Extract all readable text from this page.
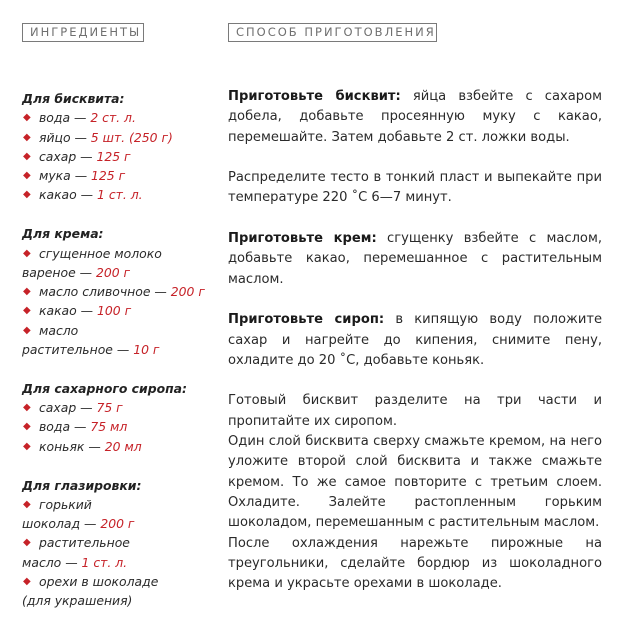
ИНГРЕДИЕНТЫ	СПОСОБ ПРИГОТОВЛЕНИЯ
Для бисквита:
◆ вода — 2 ст. л.
◆ яйцо — 5 шт. (250 г)
◆ сахар — 125 г
◆ мука — 125 г
◆ какао — 1 ст. л.
Для крема:
◆ сгущенное молоко
вареное — 200 г
◆ масло сливочное — 200 г
◆ какао — 100 г
◆ масло
растительное — 10 г
Для сахарного сиропа:
◆ сахар — 75 г
◆ вода — 75 мл
◆ коньяк — 20 мл
Для глазировки:
◆ горький
шоколад — 200 г
◆ растительное
масло — 1 ст. л.
◆ орехи в шоколаде
(для украшения)

Приготовьте бисквит: яйца взбейте с сахаром добела, добавьте просеянную муку с какао, перемешайте. Затем добавьте 2 ст. ложки воды.

Распределите тесто в тонкий пласт и выпекайте при температуре 220 ˚С 6—7 минут.

Приготовьте крем: сгущенку взбейте с маслом, добавьте какао, перемешанное с растительным маслом.

Приготовьте сироп: в кипящую воду положите сахар и нагрейте до кипения, снимите пену, охладите до 20 ˚С, добавьте коньяк.

Готовый бисквит разделите на три части и пропитайте их сиропом.

Один слой бисквита сверху смажьте кремом, на него уложите второй слой бисквита и также смажьте кремом. То же самое повторите с третьим слоем. Охладите. Залейте растопленным горьким шоколадом, перемешанным с растительным маслом.

После охлаждения нарежьте пирожные на треугольники, сделайте бордюр из шоколадного крема и украсьте орехами в шоколаде.
